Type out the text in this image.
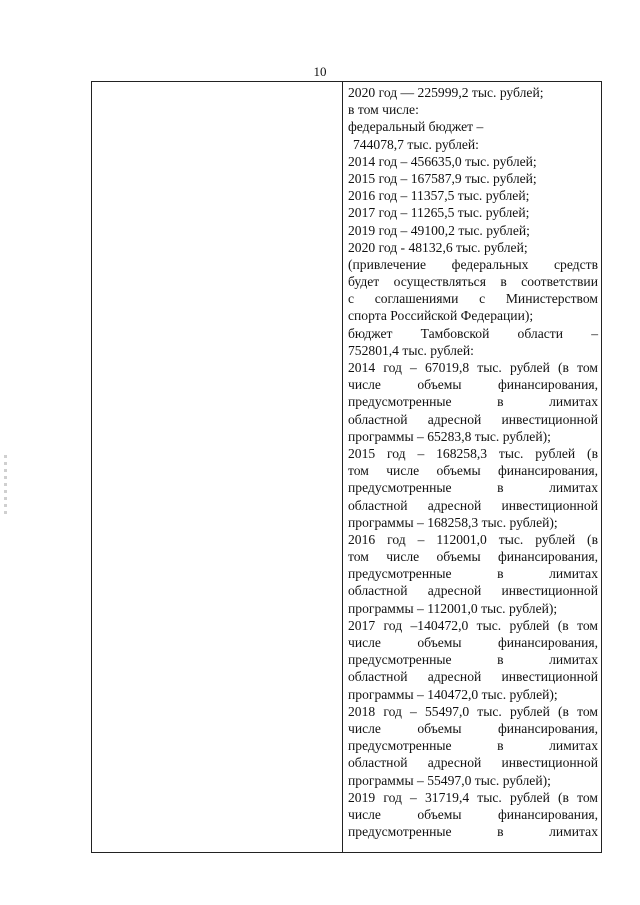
10
2020 год — 225999,2 тыс. рублей;
в том числе:
федеральный бюджет –
744078,7 тыс. рублей:
2014 год – 456635,0 тыс. рублей;
2015 год – 167587,9 тыс. рублей;
2016 год – 11357,5 тыс. рублей;
2017 год – 11265,5 тыс. рублей;
2019 год – 49100,2 тыс. рублей;
2020 год - 48132,6 тыс. рублей;
(привлечение федеральных средств
будет осуществляться в соответствии
с соглашениями с Министерством
спорта Российской Федерации);
бюджет Тамбовской области –
752801,4 тыс. рублей:
2014 год – 67019,8 тыс. рублей (в том
числе объемы финансирования,
предусмотренные в лимитах
областной адресной инвестиционной
программы – 65283,8 тыс. рублей);
2015 год – 168258,3 тыс. рублей (в
том числе объемы финансирования,
предусмотренные в лимитах
областной адресной инвестиционной
программы – 168258,3 тыс. рублей);
2016 год – 112001,0 тыс. рублей (в
том числе объемы финансирования,
предусмотренные в лимитах
областной адресной инвестиционной
программы – 112001,0 тыс. рублей);
2017 год –140472,0 тыс. рублей (в том
числе объемы финансирования,
предусмотренные в лимитах
областной адресной инвестиционной
программы – 140472,0 тыс. рублей);
2018 год – 55497,0 тыс. рублей (в том
числе объемы финансирования,
предусмотренные в лимитах
областной адресной инвестиционной
программы – 55497,0 тыс. рублей);
2019 год – 31719,4 тыс. рублей (в том
числе объемы финансирования,
предусмотренные в лимитах
